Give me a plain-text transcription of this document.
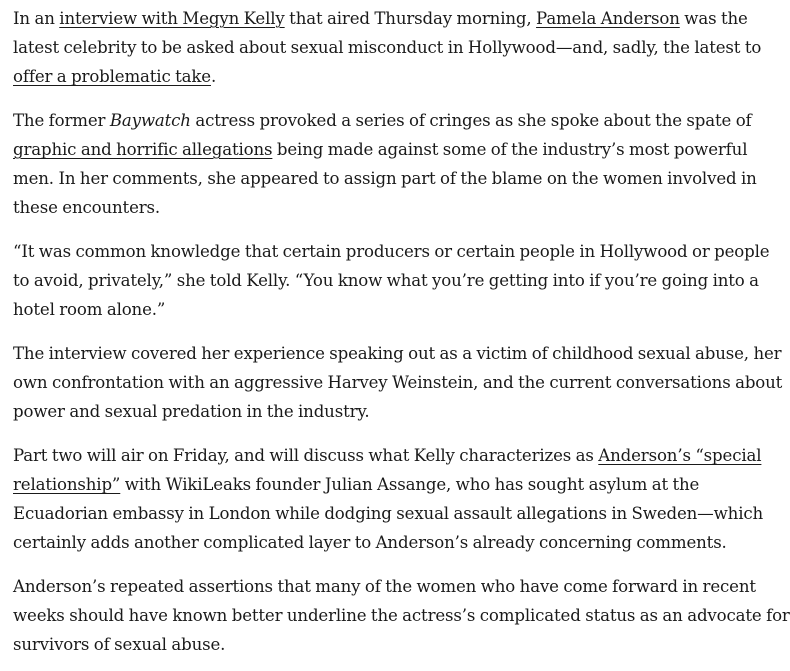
In an interview with Megyn Kelly that aired Thursday morning, Pamela Anderson was the
latest celebrity to be asked about sexual misconduct in Hollywood—and, sadly, the latest to
offer a problematic take.

The former Baywatch actress provoked a series of cringes as she spoke about the spate of
graphic and horrific allegations being made against some of the industry’s most powerful
men. In her comments, she appeared to assign part of the blame on the women involved in
these encounters.

“It was common knowledge that certain producers or certain people in Hollywood or people
to avoid, privately,” she told Kelly. “You know what you’re getting into if you’re going into a
hotel room alone.”

The interview covered her experience speaking out as a victim of childhood sexual abuse, her
own confrontation with an aggressive Harvey Weinstein, and the current conversations about
power and sexual predation in the industry.

Part two will air on Friday, and will discuss what Kelly characterizes as Anderson’s “special
relationship” with WikiLeaks founder Julian Assange, who has sought asylum at the
Ecuadorian embassy in London while dodging sexual assault allegations in Sweden—which
certainly adds another complicated layer to Anderson’s already concerning comments.

Anderson’s repeated assertions that many of the women who have come forward in recent
weeks should have known better underline the actress’s complicated status as an advocate for
survivors of sexual abuse.
